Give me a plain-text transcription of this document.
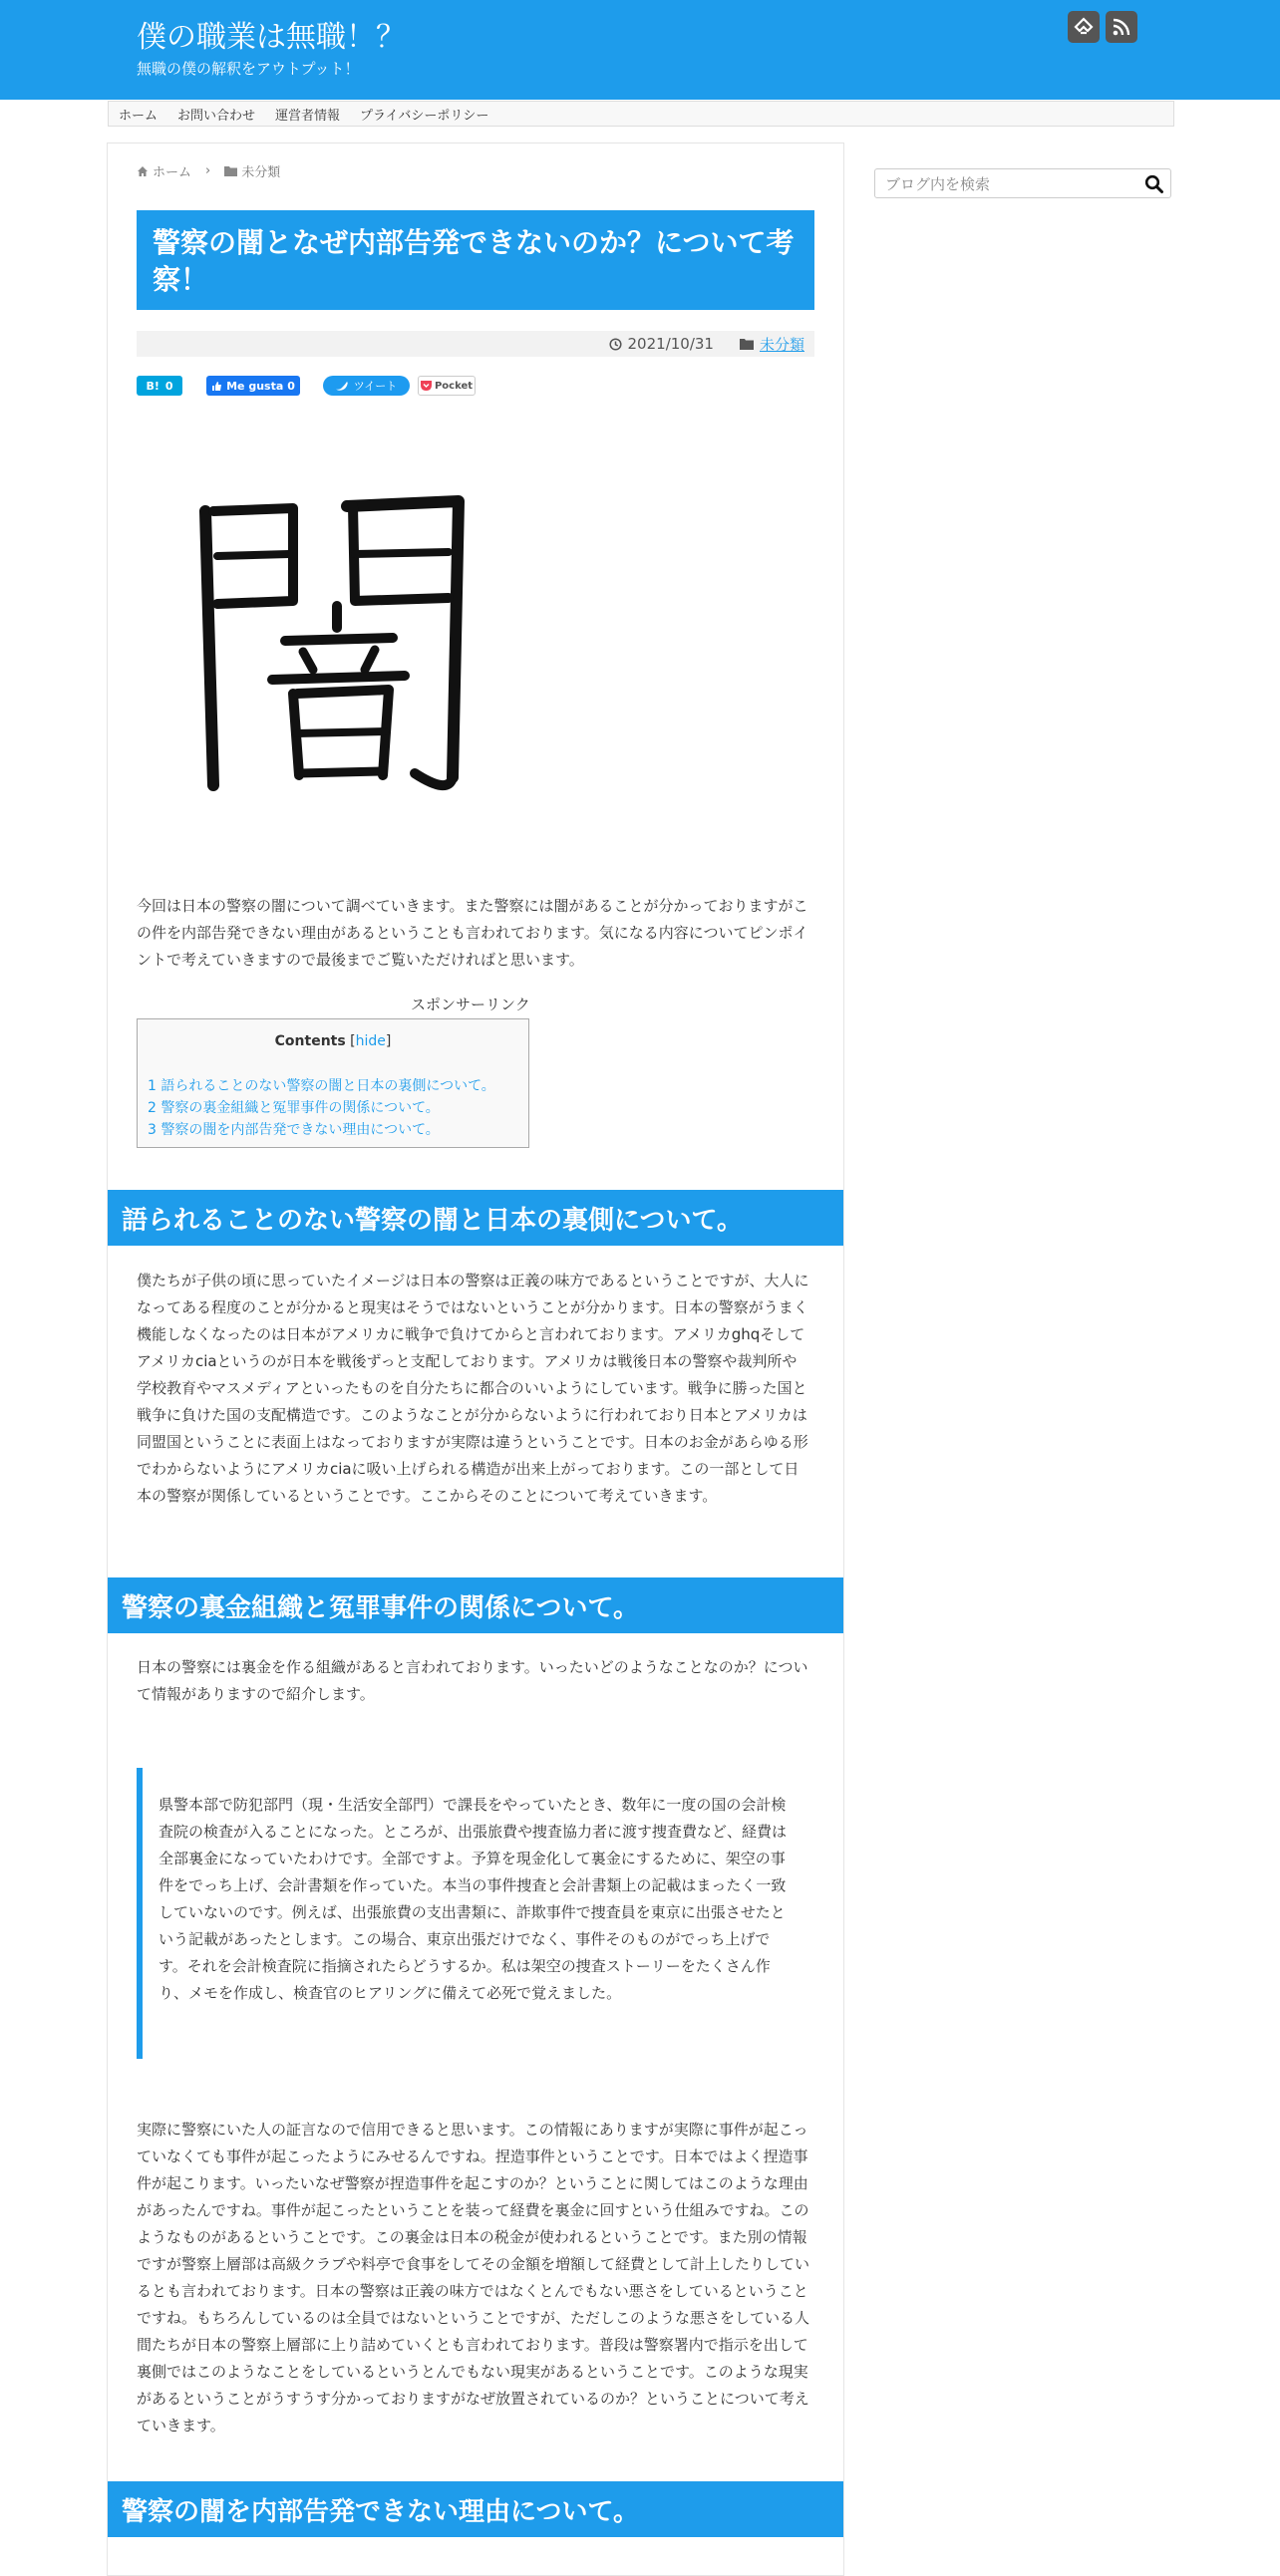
僕の職業は無職！？
無職の僕の解釈をアウトプット！
ホーム	お問い合わせ	運営者情報	プライバシーポリシー
ホーム › 未分類
警察の闇となぜ内部告発できないのか？について考察！
2021/10/31	未分類
B! 0	Me gusta 0	ツイート	Pocket

今回は日本の警察の闇について調べていきます。また警察には闇があることが分かっておりますがこの件を内部告発できない理由があるということも言われております。気になる内容についてピンポイントで考えていきますので最後までご覧いただければと思います。

スポンサーリンク
Contents [hide]
1 語られることのない警察の闇と日本の裏側について。
2 警察の裏金組織と冤罪事件の関係について。
3 警察の闇を内部告発できない理由について。
語られることのない警察の闇と日本の裏側について。

僕たちが子供の頃に思っていたイメージは日本の警察は正義の味方であるということですが、大人になってある程度のことが分かると現実はそうではないということが分かります。日本の警察がうまく機能しなくなったのは日本がアメリカに戦争で負けてからと言われております。アメリカghqそしてアメリカciaというのが日本を戦後ずっと支配しております。アメリカは戦後日本の警察や裁判所や学校教育やマスメディアといったものを自分たちに都合のいいようにしています。戦争に勝った国と戦争に負けた国の支配構造です。このようなことが分からないように行われており日本とアメリカは同盟国ということに表面上はなっておりますが実際は違うということです。日本のお金があらゆる形でわからないようにアメリカciaに吸い上げられる構造が出来上がっております。この一部として日本の警察が関係しているということです。ここからそのことについて考えていきます。

警察の裏金組織と冤罪事件の関係について。

日本の警察には裏金を作る組織があると言われております。いったいどのようなことなのか？について情報がありますので紹介します。

県警本部で防犯部門（現・生活安全部門）で課長をやっていたとき、数年に一度の国の会計検査院の検査が入ることになった。ところが、出張旅費や捜査協力者に渡す捜査費など、経費は全部裏金になっていたわけです。全部ですよ。予算を現金化して裏金にするために、架空の事件をでっち上げ、会計書類を作っていた。本当の事件捜査と会計書類上の記載はまったく一致していないのです。例えば、出張旅費の支出書類に、詐欺事件で捜査員を東京に出張させたという記載があったとします。この場合、東京出張だけでなく、事件そのものがでっち上げです。それを会計検査院に指摘されたらどうするか。私は架空の捜査ストーリーをたくさん作り、メモを作成し、検査官のヒアリングに備えて必死で覚えました。

実際に警察にいた人の証言なので信用できると思います。この情報にありますが実際に事件が起こっていなくても事件が起こったようにみせるんですね。捏造事件ということです。日本ではよく捏造事件が起こります。いったいなぜ警察が捏造事件を起こすのか？ということに関してはこのような理由があったんですね。事件が起こったということを装って経費を裏金に回すという仕組みですね。このようなものがあるということです。この裏金は日本の税金が使われるということです。また別の情報ですが警察上層部は高級クラブや料亭で食事をしてその金額を増額して経費として計上したりしているとも言われております。日本の警察は正義の味方ではなくとんでもない悪さをしているということですね。もちろんしているのは全員ではないということですが、ただしこのような悪さをしている人間たちが日本の警察上層部に上り詰めていくとも言われております。普段は警察署内で指示を出して裏側ではこのようなことをしているというとんでもない現実があるということです。このような現実があるということがうすうす分かっておりますがなぜ放置されているのか？ということについて考えていきます。

警察の闇を内部告発できない理由について。
ブログ内を検索
